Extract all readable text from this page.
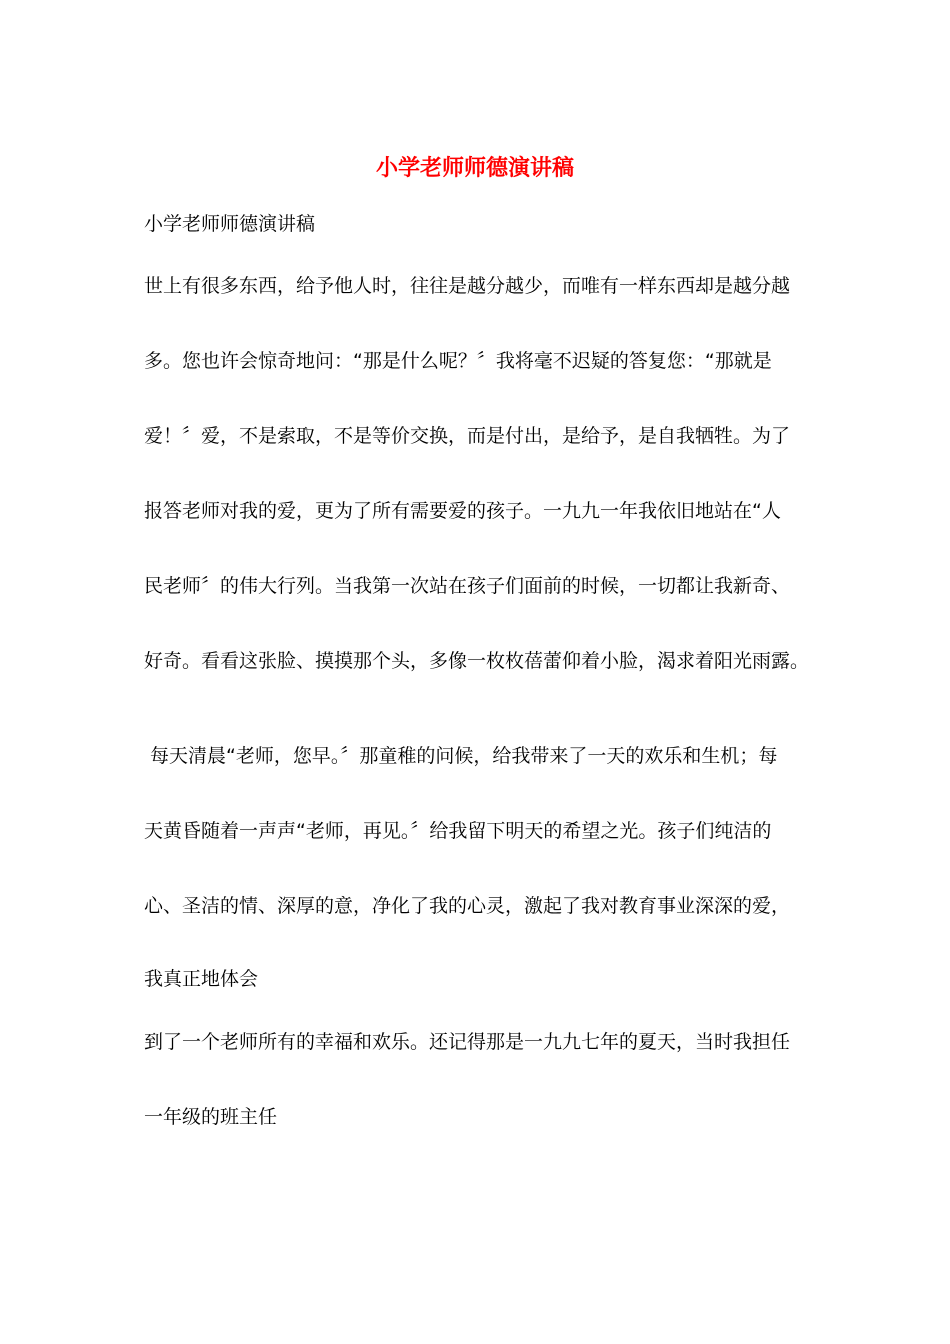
小学老师师德演讲稿

小学老师师德演讲稿

世上有很多东西，给予他人时，往往是越分越少，而唯有一样东西却是越分越

多。您也许会惊奇地问：“那是什么呢？〞我将毫不迟疑的答复您：“那就是

爱！〞爱，不是索取，不是等价交换，而是付出，是给予，是自我牺牲。为了

报答老师对我的爱，更为了所有需要爱的孩子。一九九一年我依旧地站在“人

民老师〞的伟大行列。当我第一次站在孩子们面前的时候，一切都让我新奇、

好奇。看看这张脸、摸摸那个头，多像一枚枚蓓蕾仰着小脸，渴求着阳光雨露。

每天清晨“老师，您早。〞那童稚的问候，给我带来了一天的欢乐和生机；每

天黄昏随着一声声“老师，再见。〞给我留下明天的希望之光。孩子们纯洁的

心、圣洁的情、深厚的意，净化了我的心灵，激起了我对教育事业深深的爱，

我真正地体会

到了一个老师所有的幸福和欢乐。还记得那是一九九七年的夏天，当时我担任

一年级的班主任
